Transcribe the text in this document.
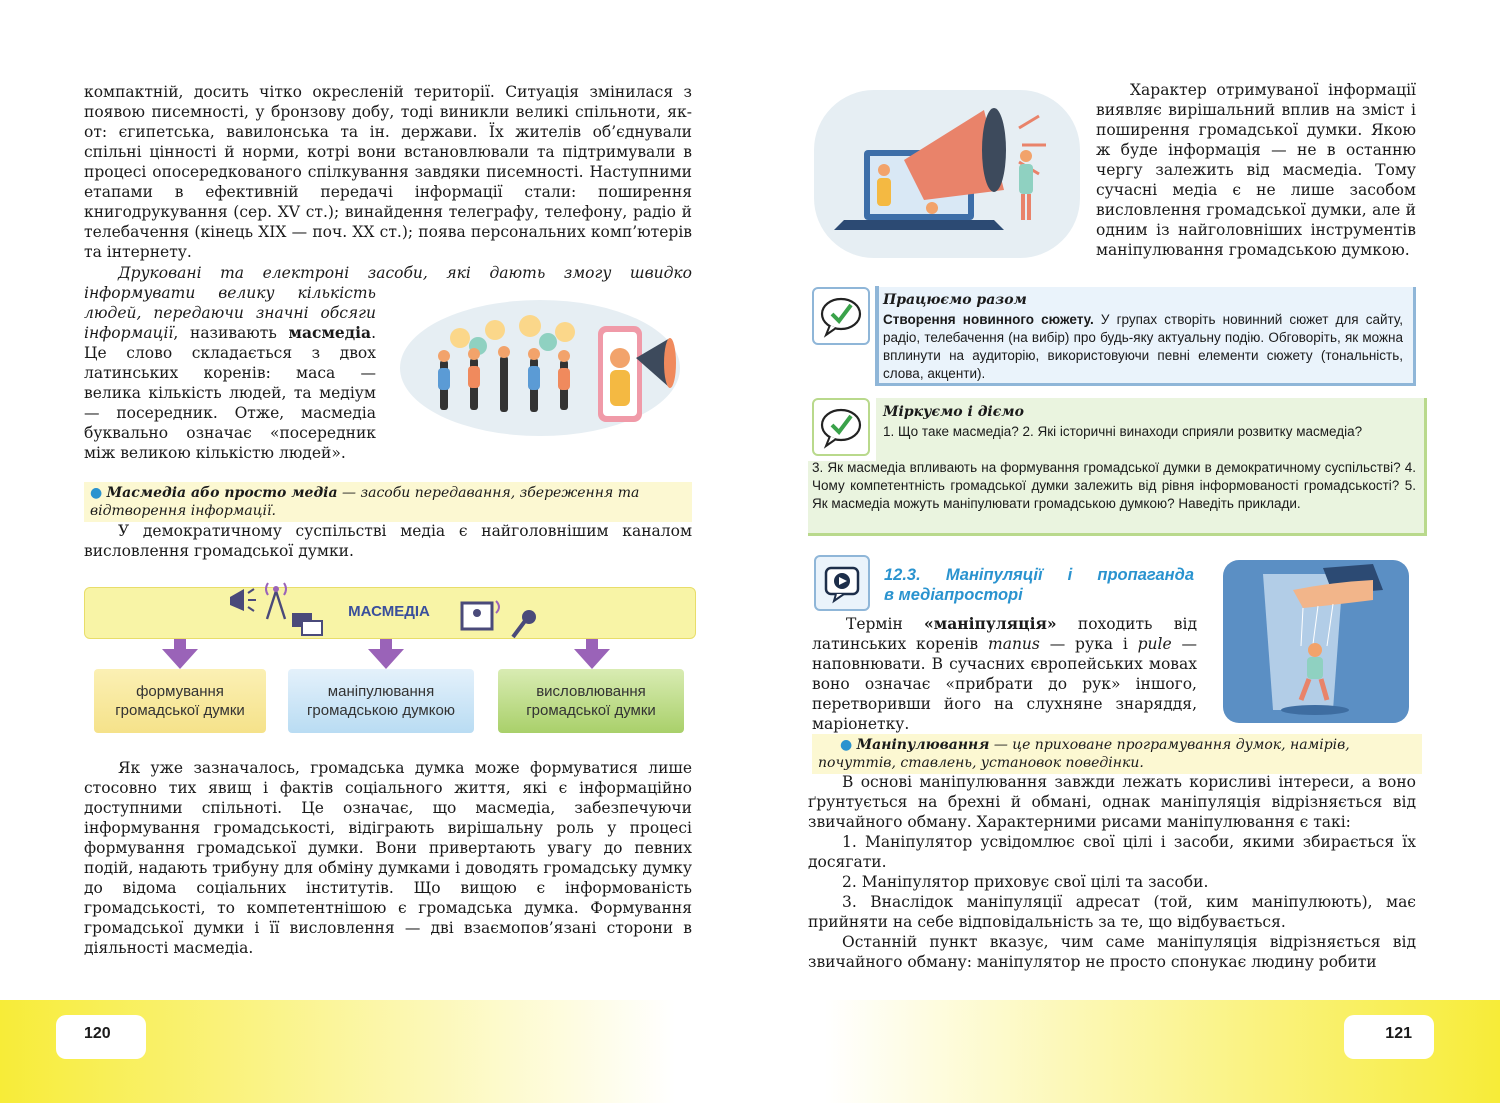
компактній, досить чітко окресленій території. Ситуація змінилася з появою писемності, у бронзову добу, тоді виникли великі спільноти, як-от: єгипетська, вавилонська та ін. держави. Їх жителів об’єднували спільні цінності й норми, котрі вони встановлювали та підтримували в процесі опосередкованого спілкування завдяки писемності. Наступними етапами в ефективній передачі інформації стали: поширення книгодрукування (сер. XV ст.); винайдення телеграфу, телефону, радіо й телебачення (кінець XIX — поч. XX ст.); поява персональних комп’ютерів та інтернету.

Друковані та електроні засоби, які дають змогу швидко

інформувати велику кількість людей, передаючи значні обсяги інформації, називають масмедіа. Це слово складається з двох латинських коренів: маса — велика кількість людей, та медіум — посередник. Отже, масмедіа буквально означає «посередник між великою кількістю людей».

● Масмедіа або просто медіа — засоби передавання, збереження та відтворення інформації.

У демократичному суспільстві медіа є найголовнішим каналом висловлення громадської думки.

МАСМЕДІА
формування громадської думки
маніпулювання громадською думкою
висловлювання громадської думки

Як уже зазначалось, громадська думка може формуватися лише стосовно тих явищ і фактів соціального життя, які є інформаційно доступними спільноті. Це означає, що масмедіа, забезпечуючи інформування громадськості, відіграють вирішальну роль у процесі формування громадської думки. Вони привертають увагу до певних подій, надають трибуну для обміну думками і доводять громадську думку до відома соціальних інститутів. Що вищою є інформованість громадськості, то компетентнішою є громадська думка. Формування громадської думки і її висловлення — дві взаємопов’язані сторони в діяльності масмедіа.

Характер отримуваної інформації виявляє вирішальний вплив на зміст і поширення громадської думки. Якою ж буде інформація — не в останню чергу залежить від масмедіа. Тому сучасні медіа є не лише засобом висловлення громадської думки, але й одним із найголовніших інструментів маніпулювання громадською думкою.

Працюємо разом
Створення новинного сюжету. У групах створіть новинний сюжет для сайту, радіо, телебачення (на вибір) про будь-яку актуальну подію. Обговоріть, як можна вплинути на аудиторію, використовуючи певні елементи сюжету (тональність, слова, акценти).
Міркуємо і діємо
1. Що таке масмедіа? 2. Які історичні винаходи сприяли розвитку масмедіа?
3. Як масмедіа впливають на формування громадської думки в демократичному суспільстві? 4. Чому компетентність громадської думки залежить від рівня інформованості громадськості? 5. Як масмедіа можуть маніпулювати громадською думкою? Наведіть приклади.
12.3. Маніпуляції і пропаганда
в медіапросторі

Термін «маніпуляція» походить від латинських коренів manus — рука і pule — наповнювати. В сучасних європейських мовах воно означає «прибрати до рук» іншого, перетворивши його на слухняне знаряддя, маріонетку.

● Маніпулювання — це приховане програмування думок, намірів, почуттів, ставлень, установок поведінки.

В основі маніпулювання завжди лежать корисливі інтереси, а воно ґрунтується на брехні й обмані, однак маніпуляція відрізняється від звичайного обману. Характерними рисами маніпулювання є такі:

1. Маніпулятор усвідомлює свої цілі і засоби, якими збирається їх досягати.

2. Маніпулятор приховує свої цілі та засоби.

3. Внаслідок маніпуляції адресат (той, ким маніпулюють), має прийняти на себе відповідальність за те, що відбувається.

Останній пункт вказує, чим саме маніпуляція відрізняється від звичайного обману: маніпулятор не просто спонукає людину робити

120	121
